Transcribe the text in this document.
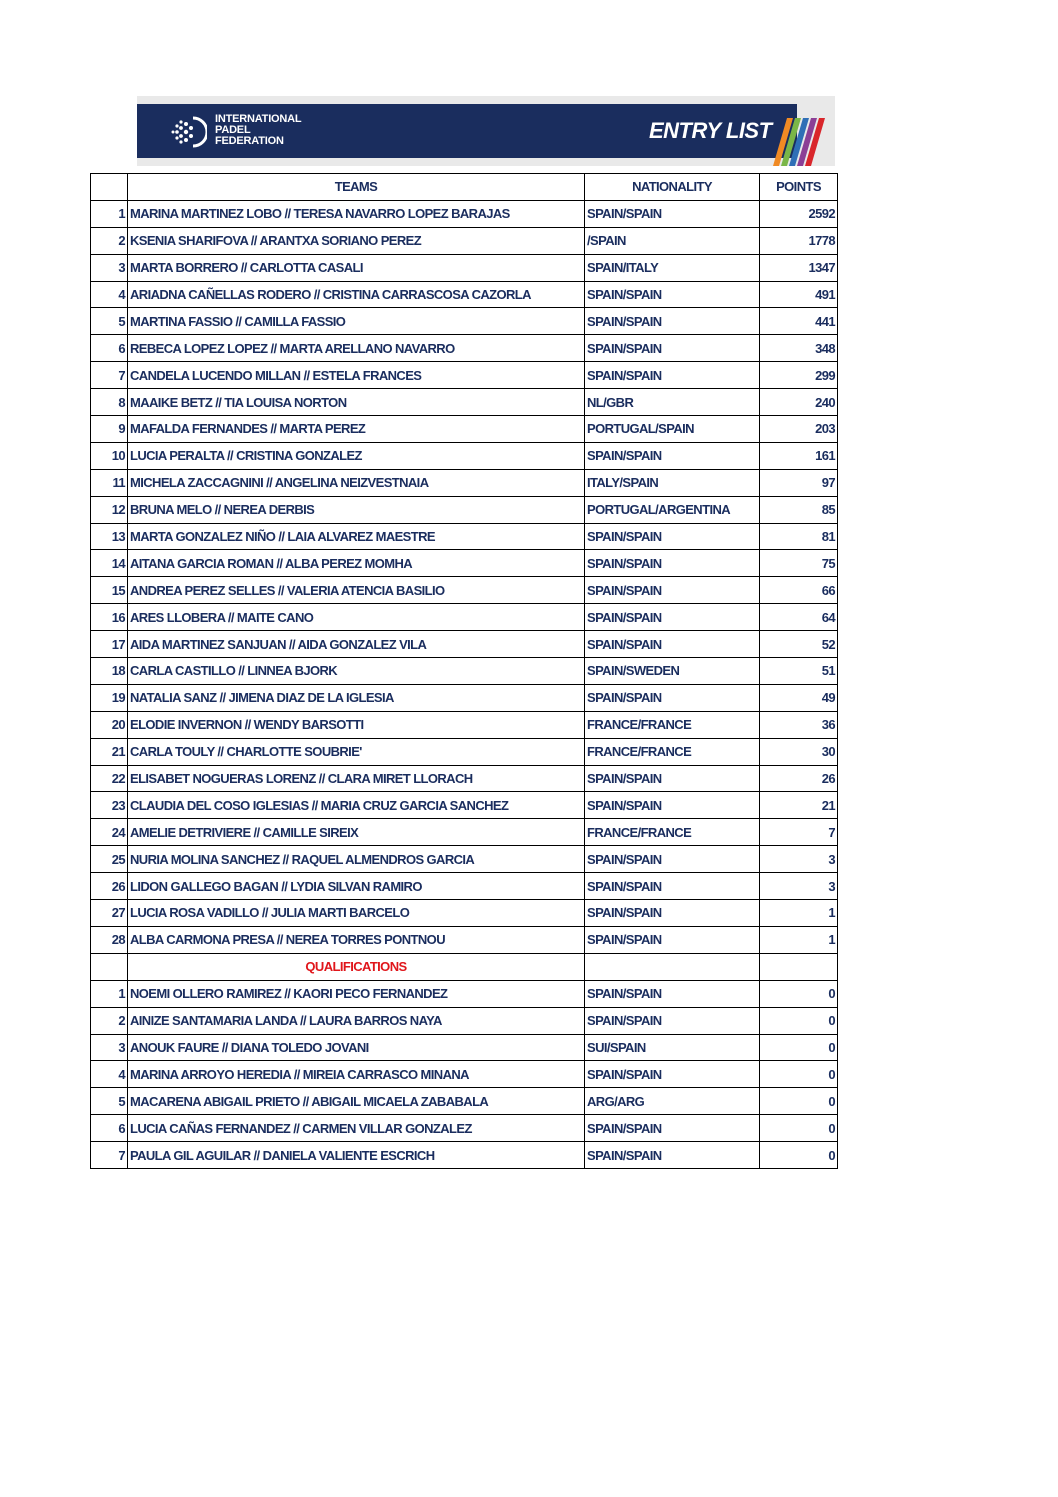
INTERNATIONAL
PADEL
FEDERATION	ENTRY LIST
	TEAMS	NATIONALITY	POINTS
1	MARINA MARTINEZ LOBO // TERESA NAVARRO LOPEZ BARAJAS	SPAIN/SPAIN	2592
2	KSENIA SHARIFOVA // ARANTXA SORIANO PEREZ	/SPAIN	1778
3	MARTA BORRERO // CARLOTTA CASALI	SPAIN/ITALY	1347
4	ARIADNA CAÑELLAS RODERO // CRISTINA CARRASCOSA CAZORLA	SPAIN/SPAIN	491
5	MARTINA FASSIO // CAMILLA FASSIO	SPAIN/SPAIN	441
6	REBECA LOPEZ LOPEZ // MARTA ARELLANO NAVARRO	SPAIN/SPAIN	348
7	CANDELA LUCENDO MILLAN // ESTELA FRANCES	SPAIN/SPAIN	299
8	MAAIKE BETZ // TIA LOUISA NORTON	NL/GBR	240
9	MAFALDA FERNANDES // MARTA PEREZ	PORTUGAL/SPAIN	203
10	LUCIA PERALTA // CRISTINA GONZALEZ	SPAIN/SPAIN	161
11	MICHELA ZACCAGNINI // ANGELINA NEIZVESTNAIA	ITALY/SPAIN	97
12	BRUNA MELO // NEREA DERBIS	PORTUGAL/ARGENTINA	85
13	MARTA GONZALEZ NIÑO // LAIA ALVAREZ MAESTRE	SPAIN/SPAIN	81
14	AITANA GARCIA ROMAN // ALBA PEREZ MOMHA	SPAIN/SPAIN	75
15	ANDREA PEREZ SELLES // VALERIA ATENCIA BASILIO	SPAIN/SPAIN	66
16	ARES LLOBERA // MAITE CANO	SPAIN/SPAIN	64
17	AIDA MARTINEZ SANJUAN // AIDA GONZALEZ VILA	SPAIN/SPAIN	52
18	CARLA CASTILLO // LINNEA BJORK	SPAIN/SWEDEN	51
19	NATALIA SANZ // JIMENA DIAZ DE LA IGLESIA	SPAIN/SPAIN	49
20	ELODIE INVERNON // WENDY BARSOTTI	FRANCE/FRANCE	36
21	CARLA TOULY // CHARLOTTE SOUBRIE'	FRANCE/FRANCE	30
22	ELISABET NOGUERAS LORENZ // CLARA MIRET LLORACH	SPAIN/SPAIN	26
23	CLAUDIA DEL COSO IGLESIAS // MARIA CRUZ GARCIA SANCHEZ	SPAIN/SPAIN	21
24	AMELIE DETRIVIERE // CAMILLE SIREIX	FRANCE/FRANCE	7
25	NURIA MOLINA SANCHEZ // RAQUEL ALMENDROS GARCIA	SPAIN/SPAIN	3
26	LIDON GALLEGO BAGAN // LYDIA SILVAN RAMIRO	SPAIN/SPAIN	3
27	LUCIA ROSA VADILLO // JULIA MARTI BARCELO	SPAIN/SPAIN	1
28	ALBA CARMONA PRESA // NEREA TORRES PONTNOU	SPAIN/SPAIN	1
	QUALIFICATIONS		
1	NOEMI OLLERO RAMIREZ // KAORI PECO FERNANDEZ	SPAIN/SPAIN	0
2	AINIZE SANTAMARIA LANDA // LAURA BARROS NAYA	SPAIN/SPAIN	0
3	ANOUK FAURE // DIANA TOLEDO JOVANI	SUI/SPAIN	0
4	MARINA ARROYO HEREDIA // MIREIA CARRASCO MINANA	SPAIN/SPAIN	0
5	MACARENA ABIGAIL PRIETO // ABIGAIL MICAELA ZABABALA	ARG/ARG	0
6	LUCIA CAÑAS FERNANDEZ // CARMEN VILLAR GONZALEZ	SPAIN/SPAIN	0
7	PAULA GIL AGUILAR // DANIELA VALIENTE ESCRICH	SPAIN/SPAIN	0
